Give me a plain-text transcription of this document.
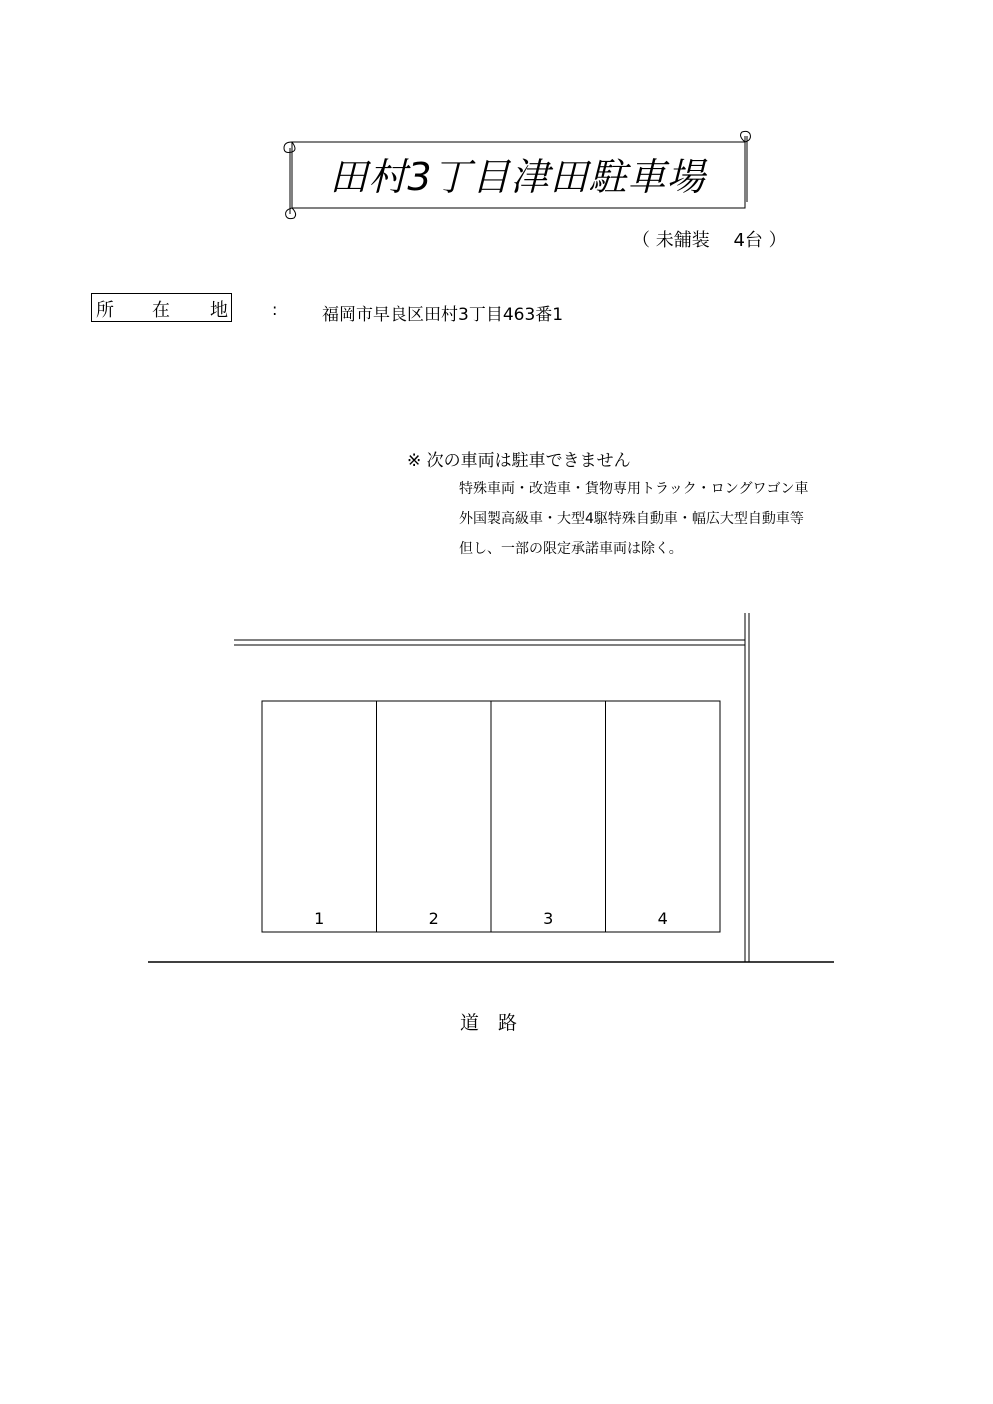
田村3丁目津田駐車場
（ 未舗装　 4台 ）
所 在 地	:	福岡市早良区田村3丁目463番1
※ 次の車両は駐車できません
特殊車両・改造車・貨物専用トラック・ロングワゴン車
外国製高級車・大型4駆特殊自動車・幅広大型自動車等
但し、一部の限定承諾車両は除く。
1	2	3	4
道　路
